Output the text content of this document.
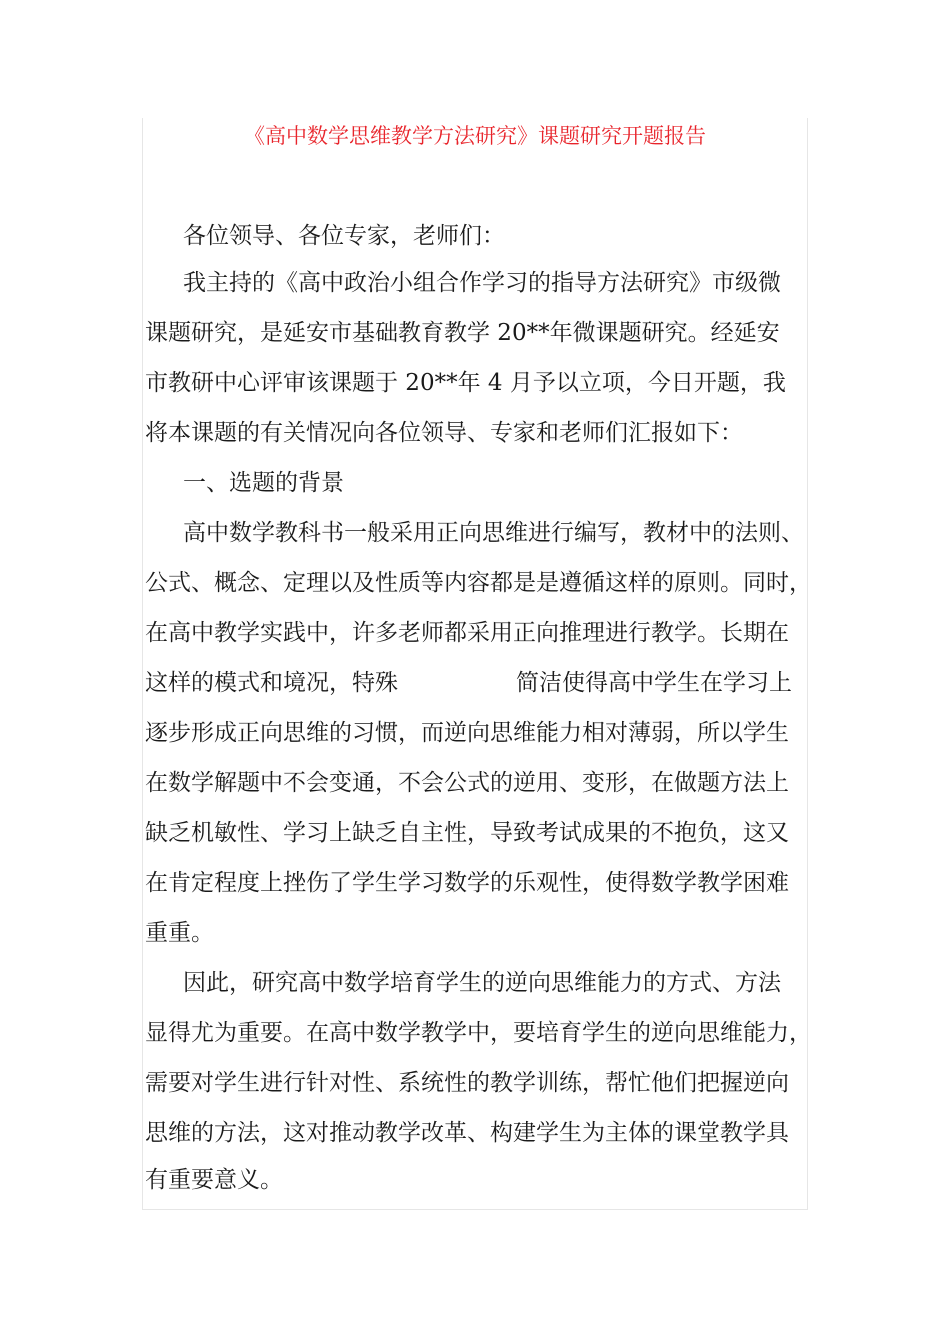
《高中数学思维教学方法研究》课题研究开题报告
各位领导、各位专家，老师们：
我主持的《高中政治小组合作学习的指导方法研究》市级微
课题研究，是延安市基础教育教学 20**年微课题研究。经延安
市教研中心评审该课题于 20**年 4 月予以立项，今日开题，我
将本课题的有关情况向各位领导、专家和老师们汇报如下：
一、选题的背景
高中数学教科书一般采用正向思维进行编写，教材中的法则、
公式、概念、定理以及性质等内容都是是遵循这样的原则。同时，
在高中教学实践中，许多老师都采用正向推理进行教学。长期在
这样的模式和境况，特殊	简洁使得高中学生在学习上
逐步形成正向思维的习惯，而逆向思维能力相对薄弱，所以学生
在数学解题中不会变通，不会公式的逆用、变形，在做题方法上
缺乏机敏性、学习上缺乏自主性，导致考试成果的不抱负，这又
在肯定程度上挫伤了学生学习数学的乐观性，使得数学教学困难
重重。
因此，研究高中数学培育学生的逆向思维能力的方式、方法
显得尤为重要。在高中数学教学中，要培育学生的逆向思维能力，
需要对学生进行针对性、系统性的教学训练，帮忙他们把握逆向
思维的方法，这对推动教学改革、构建学生为主体的课堂教学具
有重要意义。
